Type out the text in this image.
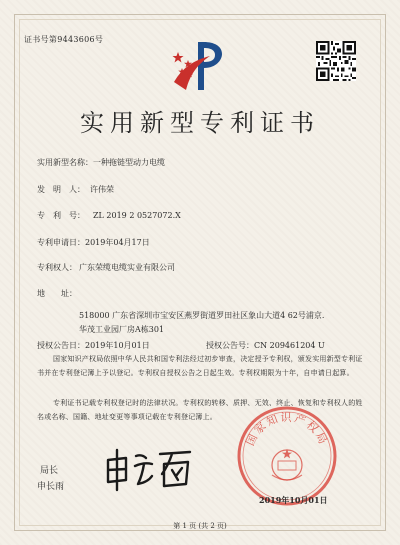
证书号第9443606号
实用新型专利证书
实用新型名称：一种拖链型动力电缆
发　明　人： 许伟荣
专　利　号： ZL 2019 2 0527072.X
专利申请日：2019年04月17日
专利权人： 广东荣缆电缆实业有限公司
地　　址：
518000 广东省深圳市宝安区燕罗街道罗田社区象山大道4 62号浦京.华茂工业园厂房A栋301
授权公告日：2019年10月01日	授权公告号：CN 209461204 U
国家知识产权局依照中华人民共和国专利法经过初步审查，决定授予专利权，颁发实用新型专利证书并在专利登记簿上予以登记。专利权自授权公告之日起生效。专利权期限为十年，自申请日起算。
专利证书记载专利权登记时的法律状况。专利权的转移、质押、无效、终止、恢复和专利权人的姓名或名称、国籍、地址变更等事项记载在专利登记簿上。
国家知识产权局
局长
申长雨
2019年10月01日
第 1 页 (共 2 页)
